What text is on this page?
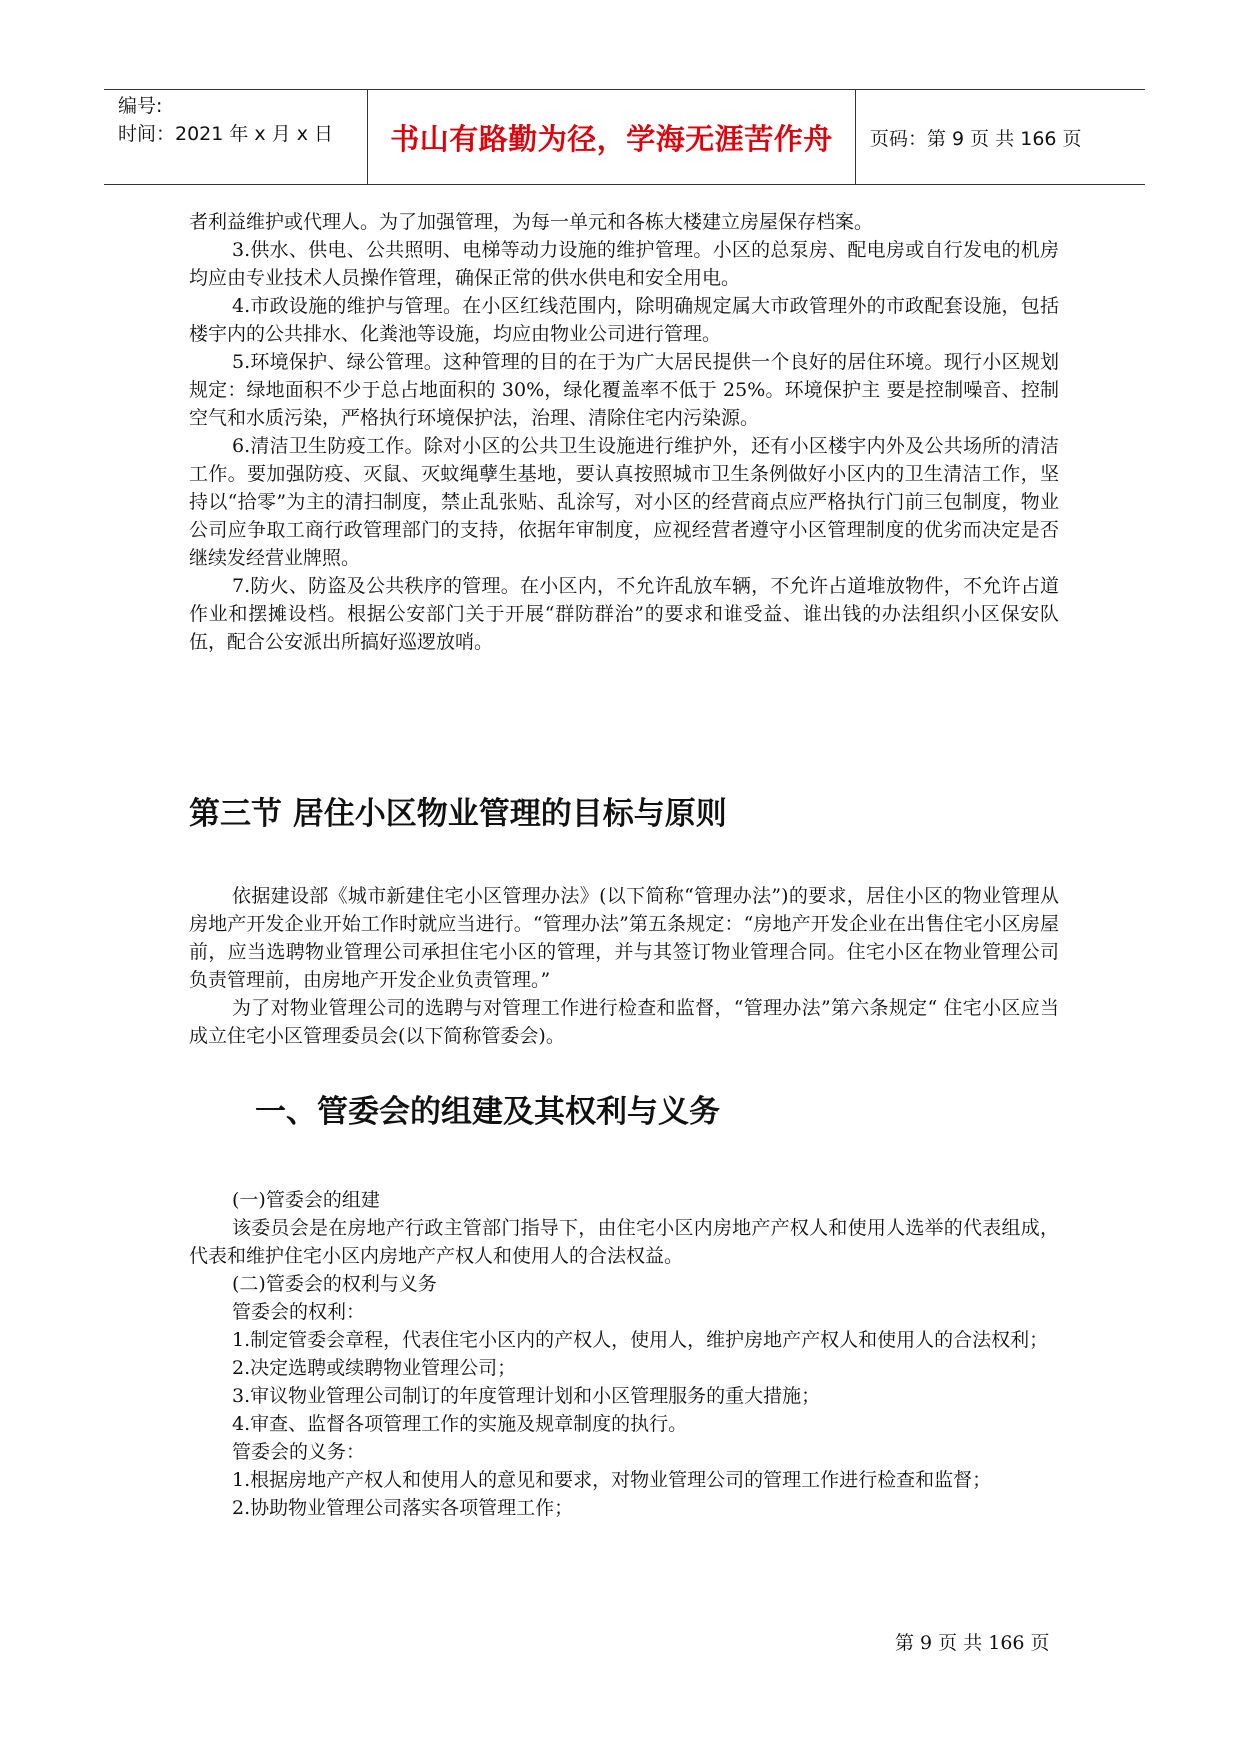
编号:
时间：2021 年 x 月 x 日	书山有路勤为径，学海无涯苦作舟	页码：第 9 页 共 166 页

者利益维护或代理人。为了加强管理，为每一单元和各栋大楼建立房屋保存档案。

3.供水、供电、公共照明、电梯等动力设施的维护管理。小区的总泵房、配电房或自行发电的机房均应由专业技术人员操作管理，确保正常的供水供电和安全用电。

4.市政设施的维护与管理。在小区红线范围内，除明确规定属大市政管理外的市政配套设施，包括楼宇内的公共排水、化粪池等设施，均应由物业公司进行管理。

5.环境保护、绿公管理。这种管理的目的在于为广大居民提供一个良好的居住环境。现行小区规划规定：绿地面积不少于总占地面积的 30%，绿化覆盖率不低于 25%。环境保护主 要是控制噪音、控制空气和水质污染，严格执行环境保护法，治理、清除住宅内污染源。

6.清洁卫生防疫工作。除对小区的公共卫生设施进行维护外，还有小区楼宇内外及公共场所的清洁工作。要加强防疫、灭鼠、灭蚊绳孽生基地，要认真按照城市卫生条例做好小区内的卫生清洁工作，坚持以“拾零”为主的清扫制度，禁止乱张贴、乱涂写，对小区的经营商点应严格执行门前三包制度，物业公司应争取工商行政管理部门的支持，依据年审制度，应视经营者遵守小区管理制度的优劣而决定是否继续发经营业牌照。

7.防火、防盗及公共秩序的管理。在小区内，不允许乱放车辆，不允许占道堆放物件，不允许占道作业和摆摊设档。根据公安部门关于开展“群防群治”的要求和谁受益、谁出钱的办法组织小区保安队伍，配合公安派出所搞好巡逻放哨。

第三节 居住小区物业管理的目标与原则

依据建设部《城市新建住宅小区管理办法》(以下简称“管理办法”)的要求，居住小区的物业管理从房地产开发企业开始工作时就应当进行。“管理办法”第五条规定：“房地产开发企业在出售住宅小区房屋前，应当选聘物业管理公司承担住宅小区的管理，并与其签订物业管理合同。住宅小区在物业管理公司负责管理前，由房地产开发企业负责管理。”

为了对物业管理公司的选聘与对管理工作进行检查和监督，“管理办法”第六条规定“ 住宅小区应当成立住宅小区管理委员会(以下简称管委会)。

一、管委会的组建及其权利与义务

(一)管委会的组建

该委员会是在房地产行政主管部门指导下，由住宅小区内房地产产权人和使用人选举的代表组成，代表和维护住宅小区内房地产产权人和使用人的合法权益。

(二)管委会的权利与义务

管委会的权利：

1.制定管委会章程，代表住宅小区内的产权人，使用人，维护房地产产权人和使用人的合法权利；

2.决定选聘或续聘物业管理公司；

3.审议物业管理公司制订的年度管理计划和小区管理服务的重大措施；

4.审查、监督各项管理工作的实施及规章制度的执行。

管委会的义务：

1.根据房地产产权人和使用人的意见和要求，对物业管理公司的管理工作进行检查和监督；

2.协助物业管理公司落实各项管理工作；

第 9 页 共 166 页
